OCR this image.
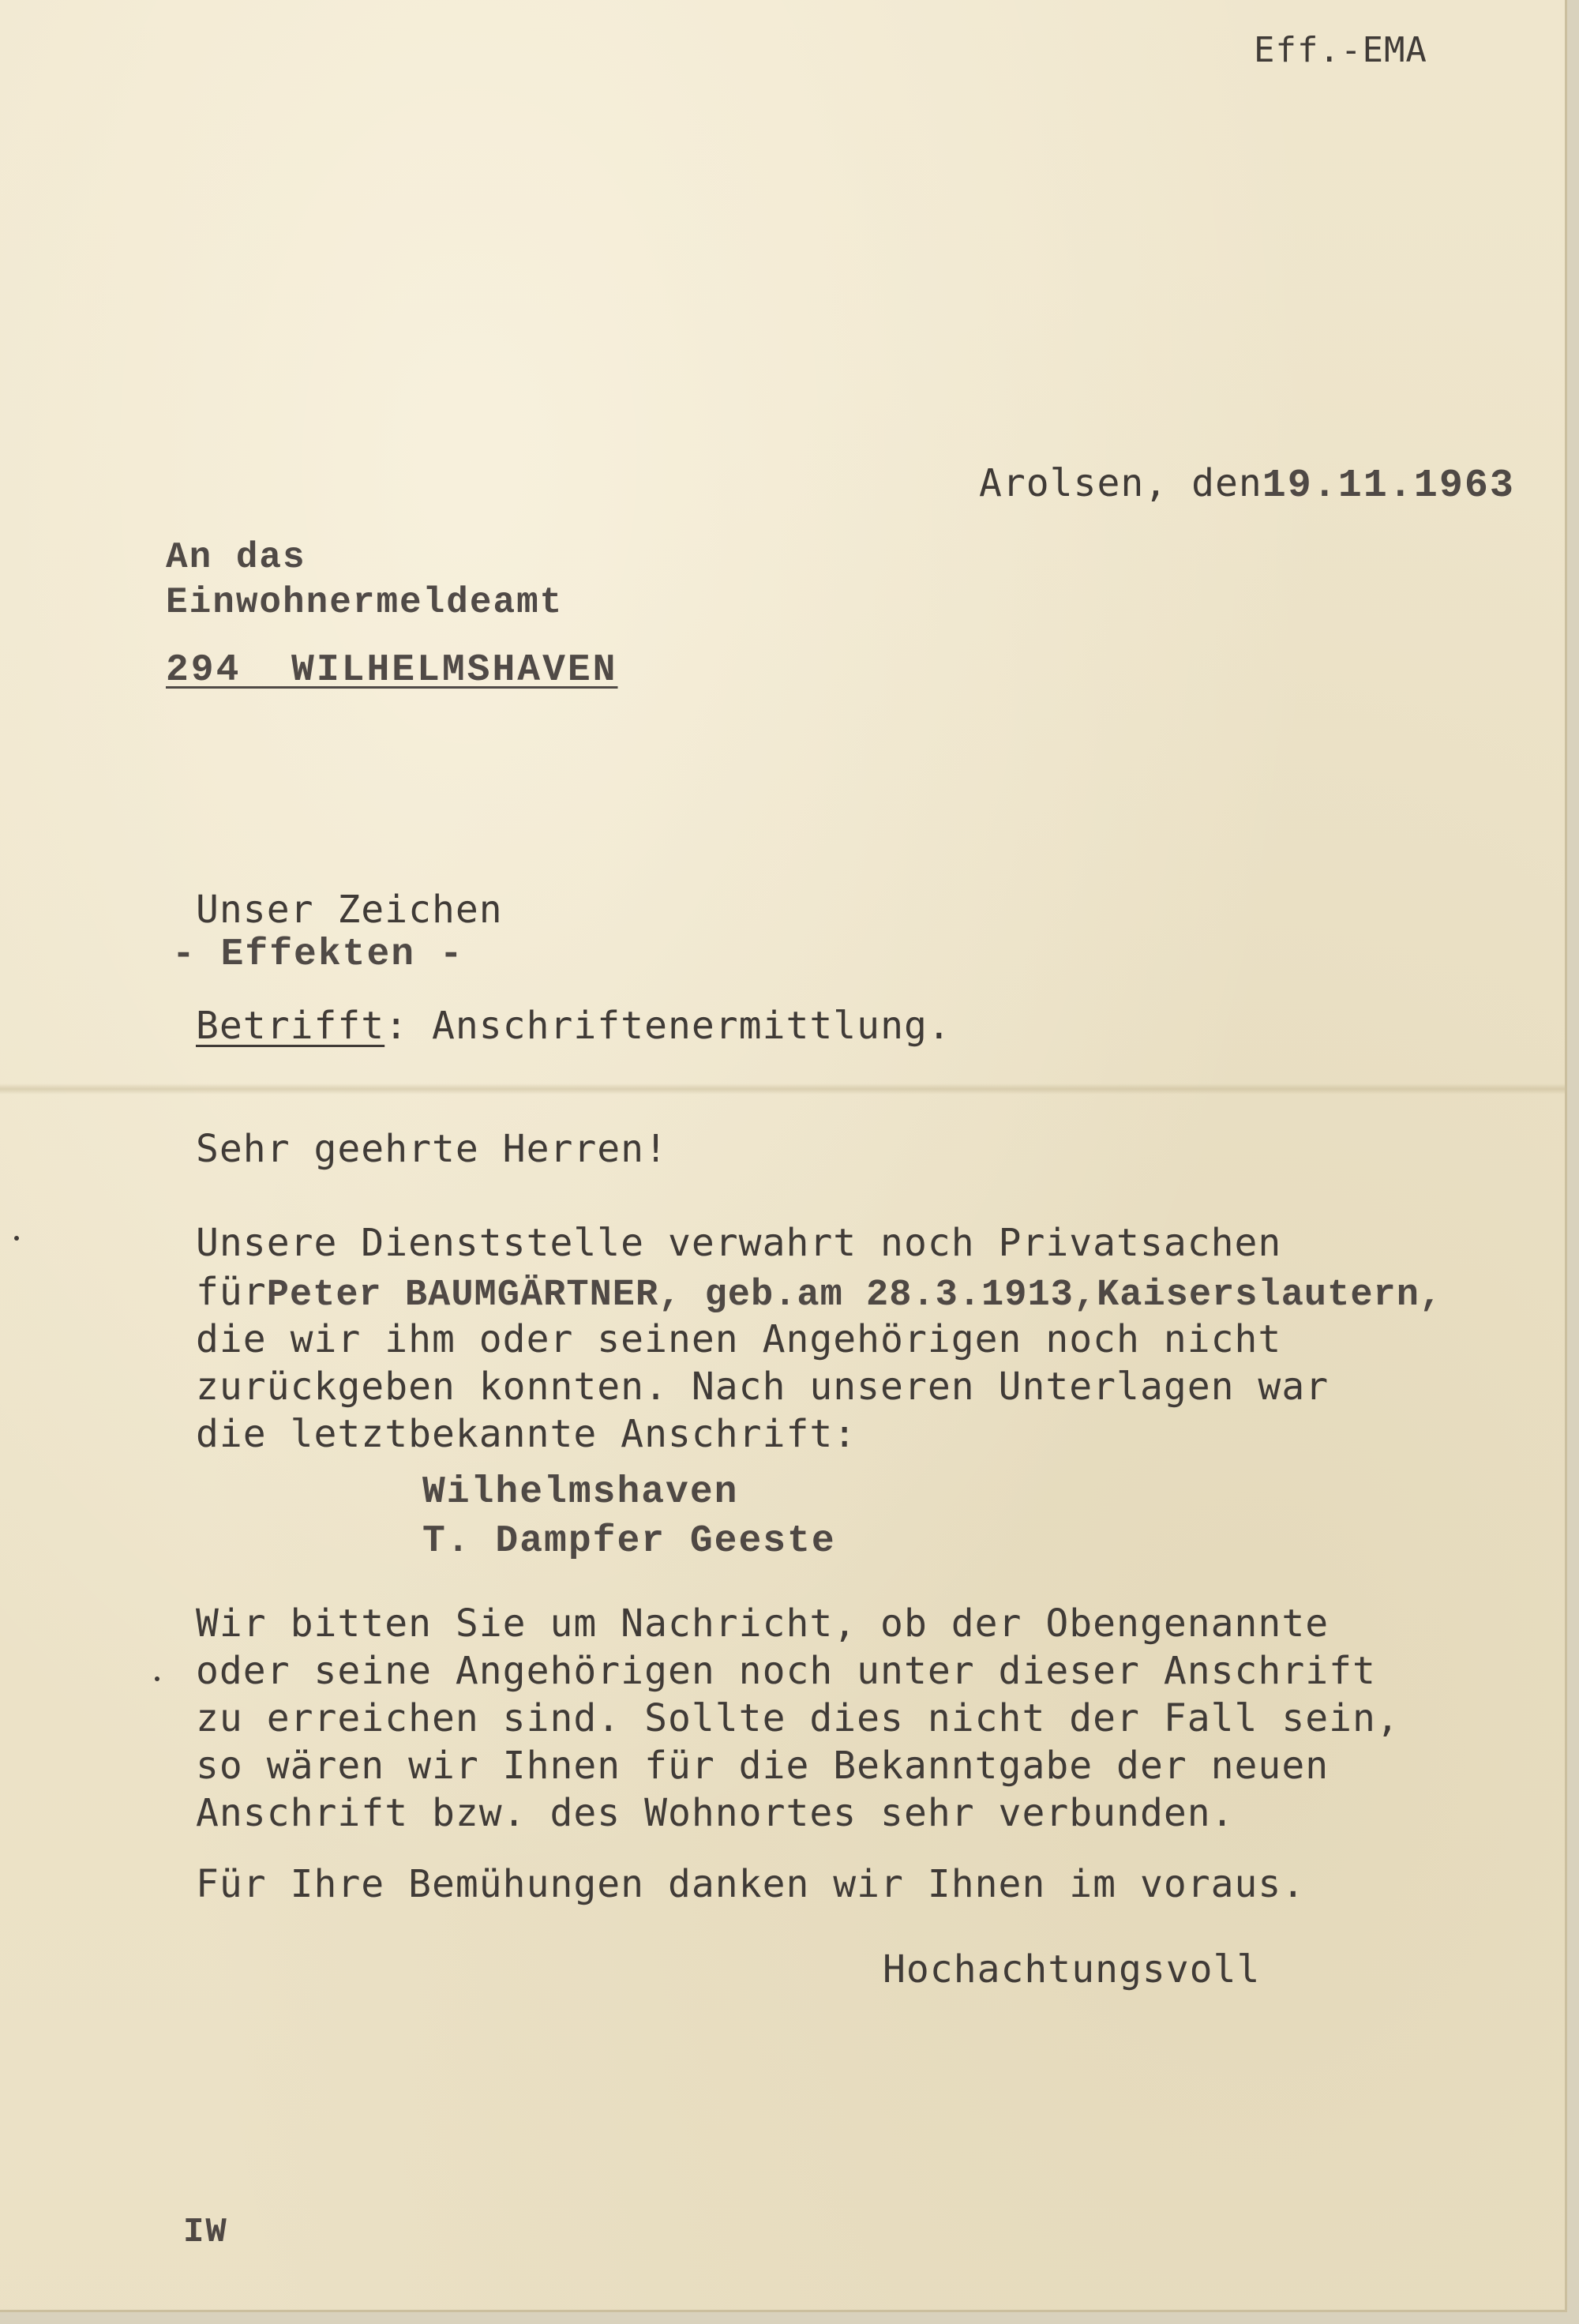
Eff.-EMA
Arolsen, den19.11.1963
An das
Einwohnermeldeamt
294  WILHELMSHAVEN
Unser Zeichen
- Effekten -
Betrifft: Anschriftenermittlung.
Sehr geehrte Herren!
Unsere Dienststelle verwahrt noch Privatsachen
fürPeter BAUMGÄRTNER, geb.am 28.3.1913,Kaiserslautern,
die wir ihm oder seinen Angehörigen noch nicht
zurückgeben konnten. Nach unseren Unterlagen war
die letztbekannte Anschrift:
Wilhelmshaven
T. Dampfer Geeste
Wir bitten Sie um Nachricht, ob der Obengenannte
oder seine Angehörigen noch unter dieser Anschrift
zu erreichen sind. Sollte dies nicht der Fall sein,
so wären wir Ihnen für die Bekanntgabe der neuen
Anschrift bzw. des Wohnortes sehr verbunden.
Für Ihre Bemühungen danken wir Ihnen im voraus.
Hochachtungsvoll
IW
